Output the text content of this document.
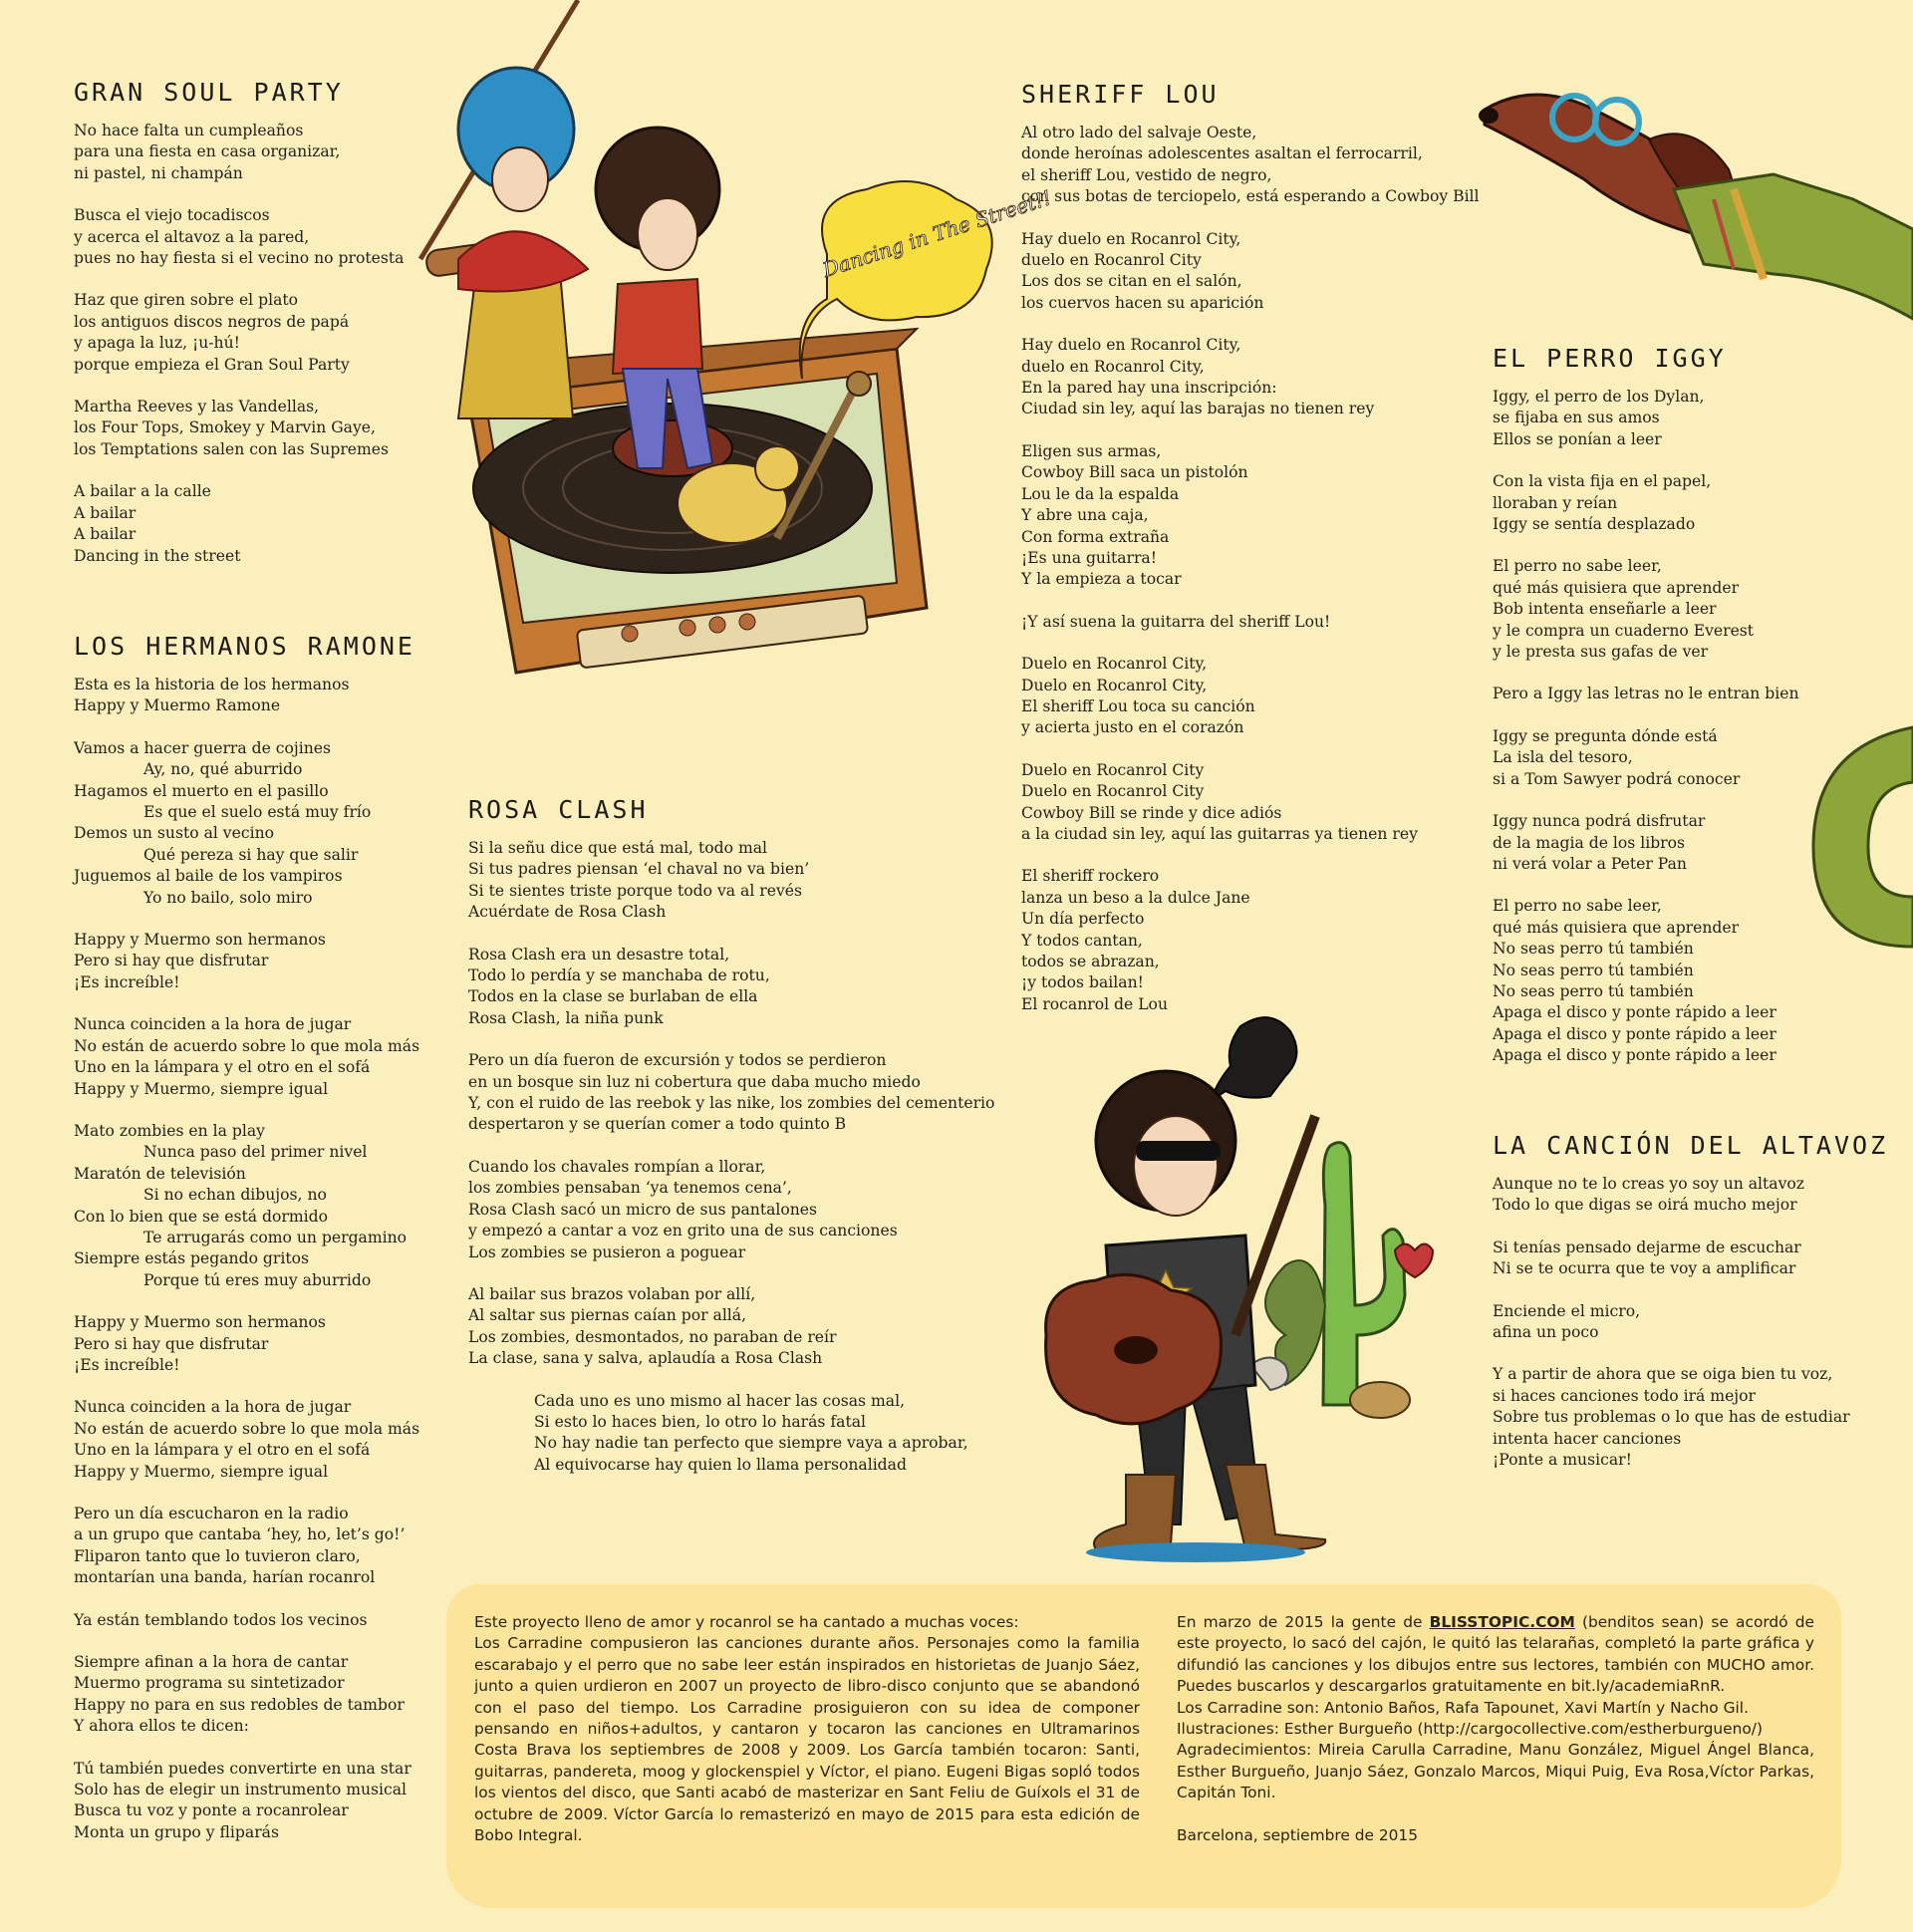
GRAN SOUL PARTY
No hace falta un cumpleaños
para una fiesta en casa organizar,
ni pastel, ni champán
Busca el viejo tocadiscos
y acerca el altavoz a la pared,
pues no hay fiesta si el vecino no protesta
Haz que giren sobre el plato
los antiguos discos negros de papá
y apaga la luz, ¡u-hú!
porque empieza el Gran Soul Party
Martha Reeves y las Vandellas,
los Four Tops, Smokey y Marvin Gaye,
los Temptations salen con las Supremes
A bailar a la calle
A bailar
A bailar
Dancing in the street
LOS HERMANOS RAMONE
Esta es la historia de los hermanos
Happy y Muermo Ramone
Vamos a hacer guerra de cojines
Ay, no, qué aburrido
Hagamos el muerto en el pasillo
Es que el suelo está muy frío
Demos un susto al vecino
Qué pereza si hay que salir
Juguemos al baile de los vampiros
Yo no bailo, solo miro
Happy y Muermo son hermanos
Pero si hay que disfrutar
¡Es increíble!
Nunca coinciden a la hora de jugar
No están de acuerdo sobre lo que mola más
Uno en la lámpara y el otro en el sofá
Happy y Muermo, siempre igual
Mato zombies en la play
Nunca paso del primer nivel
Maratón de televisión
Si no echan dibujos, no
Con lo bien que se está dormido
Te arrugarás como un pergamino
Siempre estás pegando gritos
Porque tú eres muy aburrido
Happy y Muermo son hermanos
Pero si hay que disfrutar
¡Es increíble!
Nunca coinciden a la hora de jugar
No están de acuerdo sobre lo que mola más
Uno en la lámpara y el otro en el sofá
Happy y Muermo, siempre igual
Pero un día escucharon en la radio
a un grupo que cantaba ‘hey, ho, let’s go!’
Fliparon tanto que lo tuvieron claro,
montarían una banda, harían rocanrol
Ya están temblando todos los vecinos
Siempre afinan a la hora de cantar
Muermo programa su sintetizador
Happy no para en sus redobles de tambor
Y ahora ellos te dicen:
Tú también puedes convertirte en una star
Solo has de elegir un instrumento musical
Busca tu voz y ponte a rocanrolear
Monta un grupo y fliparás
ROSA CLASH
Si la señu dice que está mal, todo mal
Si tus padres piensan ‘el chaval no va bien’
Si te sientes triste porque todo va al revés
Acuérdate de Rosa Clash
Rosa Clash era un desastre total,
Todo lo perdía y se manchaba de rotu,
Todos en la clase se burlaban de ella
Rosa Clash, la niña punk
Pero un día fueron de excursión y todos se perdieron
en un bosque sin luz ni cobertura que daba mucho miedo
Y, con el ruido de las reebok y las nike, los zombies del cementerio
despertaron y se querían comer a todo quinto B
Cuando los chavales rompían a llorar,
los zombies pensaban ‘ya tenemos cena’,
Rosa Clash sacó un micro de sus pantalones
y empezó a cantar a voz en grito una de sus canciones
Los zombies se pusieron a poguear
Al bailar sus brazos volaban por allí,
Al saltar sus piernas caían por allá,
Los zombies, desmontados, no paraban de reír
La clase, sana y salva, aplaudía a Rosa Clash
Cada uno es uno mismo al hacer las cosas mal,
Si esto lo haces bien, lo otro lo harás fatal
No hay nadie tan perfecto que siempre vaya a aprobar,
Al equivocarse hay quien lo llama personalidad
SHERIFF LOU
Al otro lado del salvaje Oeste,
donde heroínas adolescentes asaltan el ferrocarril,
el sheriff Lou, vestido de negro,
con sus botas de terciopelo, está esperando a Cowboy Bill
Hay duelo en Rocanrol City,
duelo en Rocanrol City
Los dos se citan en el salón,
los cuervos hacen su aparición
Hay duelo en Rocanrol City,
duelo en Rocanrol City,
En la pared hay una inscripción:
Ciudad sin ley, aquí las barajas no tienen rey
Eligen sus armas,
Cowboy Bill saca un pistolón
Lou le da la espalda
Y abre una caja,
Con forma extraña
¡Es una guitarra!
Y la empieza a tocar
¡Y así suena la guitarra del sheriff Lou!
Duelo en Rocanrol City,
Duelo en Rocanrol City,
El sheriff Lou toca su canción
y acierta justo en el corazón
Duelo en Rocanrol City
Duelo en Rocanrol City
Cowboy Bill se rinde y dice adiós
a la ciudad sin ley, aquí las guitarras ya tienen rey
El sheriff rockero
lanza un beso a la dulce Jane
Un día perfecto
Y todos cantan,
todos se abrazan,
¡y todos bailan!
El rocanrol de Lou
EL PERRO IGGY
Iggy, el perro de los Dylan,
se fijaba en sus amos
Ellos se ponían a leer
Con la vista fija en el papel,
lloraban y reían
Iggy se sentía desplazado
El perro no sabe leer,
qué más quisiera que aprender
Bob intenta enseñarle a leer
y le compra un cuaderno Everest
y le presta sus gafas de ver
Pero a Iggy las letras no le entran bien
Iggy se pregunta dónde está
La isla del tesoro,
si a Tom Sawyer podrá conocer
Iggy nunca podrá disfrutar
de la magia de los libros
ni verá volar a Peter Pan
El perro no sabe leer,
qué más quisiera que aprender
No seas perro tú también
No seas perro tú también
No seas perro tú también
Apaga el disco y ponte rápido a leer
Apaga el disco y ponte rápido a leer
Apaga el disco y ponte rápido a leer
LA CANCIÓN DEL ALTAVOZ
Aunque no te lo creas yo soy un altavoz
Todo lo que digas se oirá mucho mejor
Si tenías pensado dejarme de escuchar
Ni se te ocurra que te voy a amplificar
Enciende el micro,
afina un poco
Y a partir de ahora que se oiga bien tu voz,
si haces canciones todo irá mejor
Sobre tus problemas o lo que has de estudiar
intenta hacer canciones
¡Ponte a musicar!
Dancing in The Street!!

Este proyecto lleno de amor y rocanrol se ha cantado a muchas voces:

Los Carradine compusieron las canciones durante años. Personajes como la familia escarabajo y el perro que no sabe leer están inspirados en historietas de Juanjo Sáez, junto a quien urdieron en 2007 un proyecto de libro-disco conjunto que se abandonó con el paso del tiempo. Los Carradine prosiguieron con su idea de componer pensando en niños+adultos, y cantaron y tocaron las canciones en Ultramarinos Costa Brava los septiembres de 2008 y 2009. Los García también tocaron: Santi, guitarras, pandereta, moog y glockenspiel y Víctor, el piano. Eugeni Bigas sopló todos los vientos del disco, que Santi acabó de masterizar en Sant Feliu de Guíxols el 31 de octubre de 2009. Víctor García lo remasterizó en mayo de 2015 para esta edición de Bobo Integral.

En marzo de 2015 la gente de BLISSTOPIC.COM (benditos sean) se acordó de este proyecto, lo sacó del cajón, le quitó las telarañas, completó la parte gráfica y difundió las canciones y los dibujos entre sus lectores, también con MUCHO amor. Puedes buscarlos y descargarlos gratuitamente en bit.ly/academiaRnR.

Los Carradine son: Antonio Baños, Rafa Tapounet, Xavi Martín y Nacho Gil.

Ilustraciones: Esther Burgueño (http://cargocollective.com/estherburgueno/)

Agradecimientos: Mireia Carulla Carradine, Manu González, Miguel Ángel Blanca, Esther Burgueño, Juanjo Sáez, Gonzalo Marcos, Miqui Puig, Eva Rosa,Víctor Parkas, Capitán Toni.

Barcelona, septiembre de 2015
